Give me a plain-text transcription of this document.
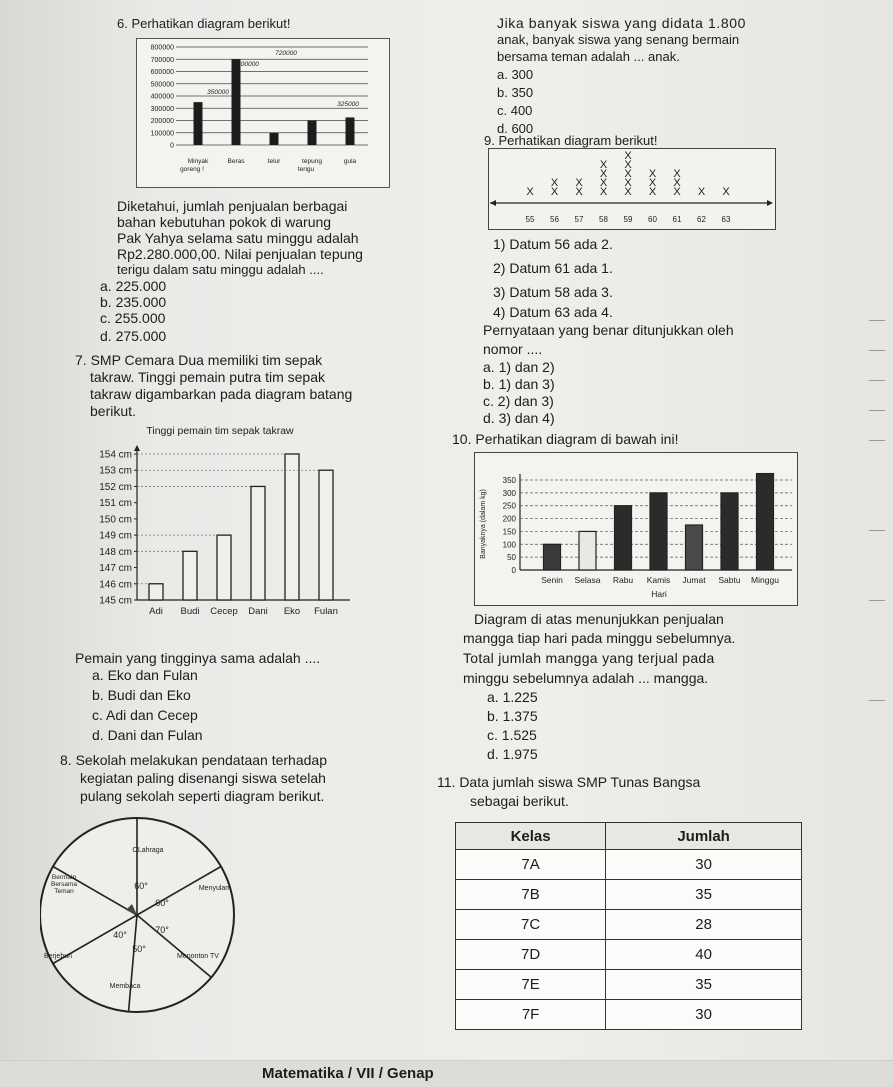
6. Perhatikan diagram berikut!
800000
700000
600000
500000
400000
300000
200000
100000
0
Minyak
goreng !
Beras	telur	tepung
terigu
gula
350000
720000
600000
325000
Diketahui, jumlah penjualan berbagai
bahan kebutuhan pokok di warung
Pak Yahya selama satu minggu adalah
Rp2.280.000,00. Nilai penjualan tepung
terigu dalam satu minggu adalah ....
a. 225.000
b. 235.000
c. 255.000
d. 275.000
7. SMP Cemara Dua memiliki tim sepak
takraw. Tinggi pemain putra tim sepak
takraw digambarkan pada diagram batang
berikut.
Tinggi pemain tim sepak takraw
154 cm
153 cm
152 cm
151 cm
150 cm
149 cm
148 cm
147 cm
146 cm
145 cm
Adi Budi Cecep Dani Eko Fulan
Pemain yang tingginya sama adalah ....
a. Eko dan Fulan
b. Budi dan Eko
c. Adi dan Cecep
d. Dani dan Fulan
8. Sekolah melakukan pendataan terhadap
kegiatan paling disenangi siswa setelah
pulang sekolah seperti diagram berikut.
OLahraga
Menyulam
Menonton TV
Membaca
Berjebun
Bermain
Bersama
Teman
60°
60°
70°
50°
40°
Jika banyak siswa yang didata 1.800
anak, banyak siswa yang senang bermain
bersama teman adalah ... anak.
a. 300
b. 350
c. 400
d. 600
9. Perhatikan diagram berikut!
55
X
56
X
X
57
X
X
58
X
X
X
X
59
X
X
X
X
X
60
X
X
X
61
X
X
X
62
X
63
X
1) Datum 56 ada 2.
2) Datum 61 ada 1.
3) Datum 58 ada 3.
4) Datum 63 ada 4.
Pernyataan yang benar ditunjukkan oleh
nomor ....
a. 1) dan 2)
b. 1) dan 3)
c. 2) dan 3)
d. 3) dan 4)
10. Perhatikan diagram di bawah ini!
Banyaknya (dalam kg)
350
300
250
200
150
100
50
0
Senin Selasa Rabu Kamis Jumat Sabtu Minggu
Hari
Diagram di atas menunjukkan penjualan
mangga tiap hari pada minggu sebelumnya.
Total jumlah mangga yang terjual pada
minggu sebelumnya adalah ... mangga.
a. 1.225
b. 1.375
c. 1.525
d. 1.975
11. Data jumlah siswa SMP Tunas Bangsa
sebagai berikut.
Kelas	Jumlah
7A	30
7B	35
7C	28
7D	40
7E	35
7F	30
Matematika / VII / Genap
